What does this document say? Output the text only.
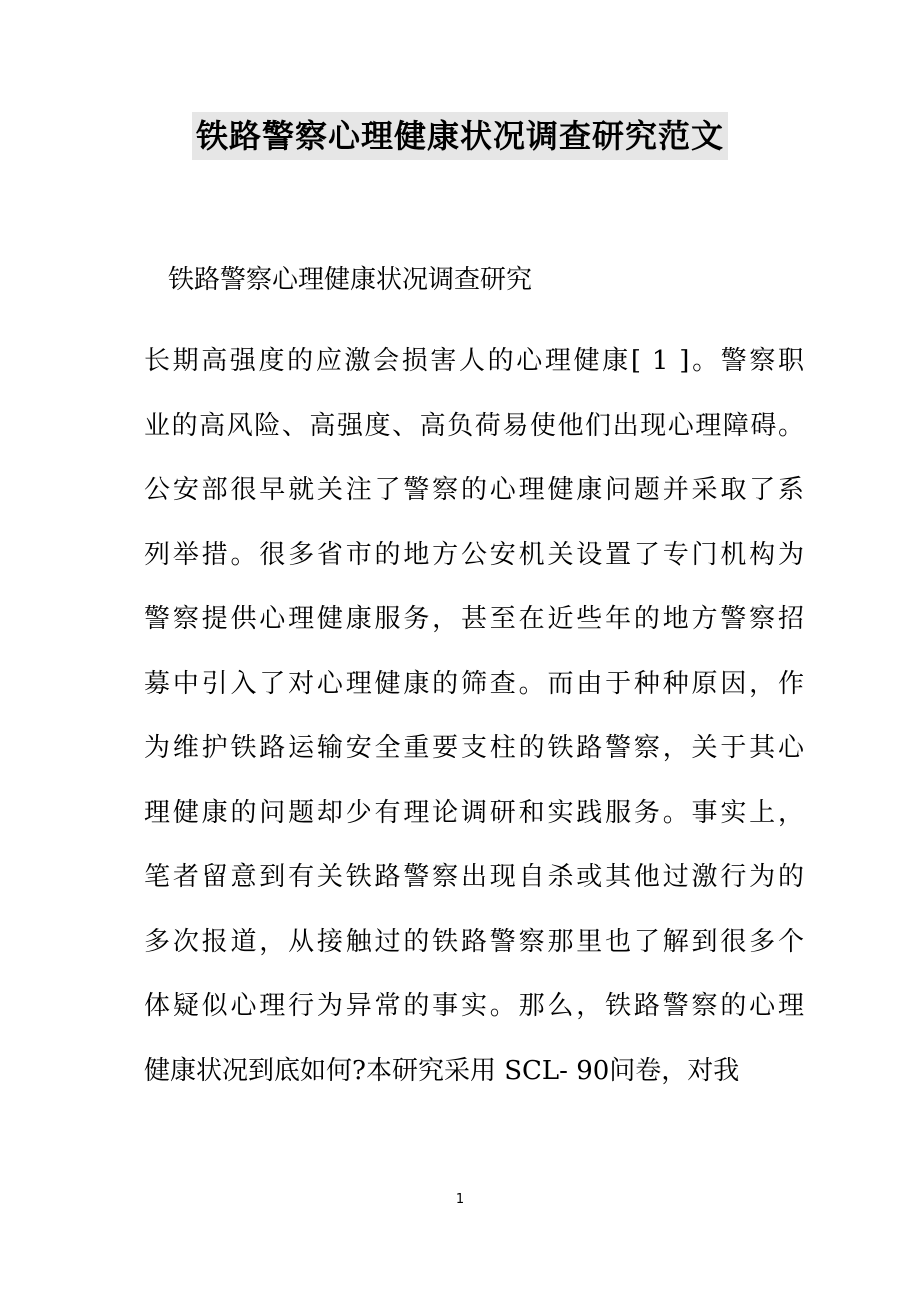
铁路警察心理健康状况调查研究范文
铁路警察心理健康状况调查研究
长期高强度的应激会损害人的心理健康[ 1 ]。警察职
业的高风险、高强度、高负荷易使他们出现心理障碍。
公安部很早就关注了警察的心理健康问题并采取了系
列举措。很多省市的地方公安机关设置了专门机构为
警察提供心理健康服务，甚至在近些年的地方警察招
募中引入了对心理健康的筛查。而由于种种原因，作
为维护铁路运输安全重要支柱的铁路警察，关于其心
理健康的问题却少有理论调研和实践服务。事实上，
笔者留意到有关铁路警察出现自杀或其他过激行为的
多次报道，从接触过的铁路警察那里也了解到很多个
体疑似心理行为异常的事实。那么，铁路警察的心理
健康状况到底如何?本研究采用 SCL- 90问卷，对我
1
